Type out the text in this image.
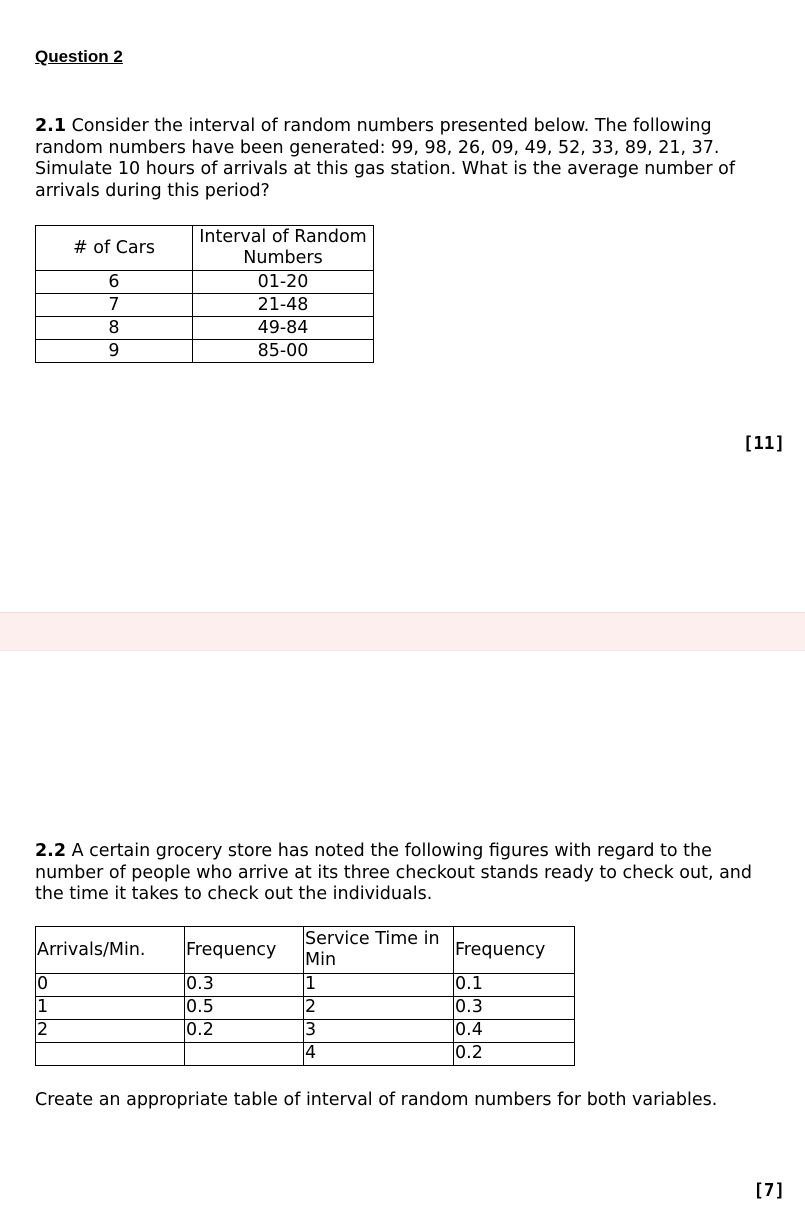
Question 2
2.1 Consider the interval of random numbers presented below. The following random numbers have been generated: 99, 98, 26, 09, 49, 52, 33, 89, 21, 37. Simulate 10 hours of arrivals at this gas station. What is the average number of arrivals during this period?
# of Cars	Interval of Random Numbers
6	01-20
7	21-48
8	49-84
9	85-00
[11]
2.2 A certain grocery store has noted the following figures with regard to the number of people who arrive at its three checkout stands ready to check out, and the time it takes to check out the individuals.
Arrivals/Min.	Frequency	Service Time in Min	Frequency
0	0.3	1	0.1
1	0.5	2	0.3
2	0.2	3	0.4
		4	0.2
Create an appropriate table of interval of random numbers for both variables.
[7]
